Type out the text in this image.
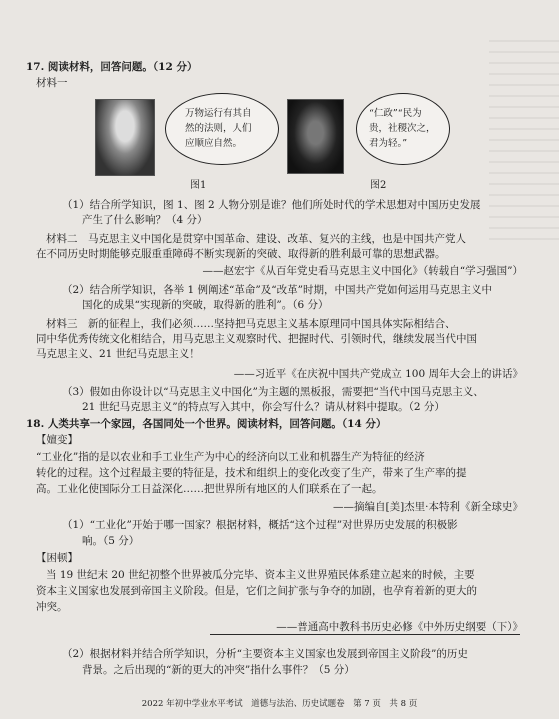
17. 阅读材料，回答问题。（12 分）
材料一
万物运行有其自
然的法则，人们
应顺应自然。
“仁政”“民为
贵，社稷次之，
君为轻。”
图1	图2
（1）结合所学知识，图 1、图 2 人物分别是谁？他们所处时代的学术思想对中国历史发展
产生了什么影响？（4 分）
材料二　马克思主义中国化是贯穿中国革命、建设、改革、复兴的主线，也是中国共产党人
在不同历史时期能够克服重重障碍不断实现新的突破、取得新的胜利最可靠的思想武器。
——赵宏宇《从百年党史看马克思主义中国化》（转载自“学习强国”）
（2）结合所学知识，各举 1 例阐述“革命”及“改革”时期，中国共产党如何运用马克思主义中
国化的成果“实现新的突破，取得新的胜利”。（6 分）
材料三　新的征程上，我们必须……坚持把马克思主义基本原理同中国具体实际相结合、
同中华优秀传统文化相结合，用马克思主义观察时代、把握时代、引领时代，继续发展当代中国
马克思主义、21 世纪马克思主义！
——习近平《在庆祝中国共产党成立 100 周年大会上的讲话》
（3）假如由你设计以“马克思主义中国化”为主题的黑板报，需要把“当代中国马克思主义、
21 世纪马克思主义”的特点写入其中，你会写什么？请从材料中提取。（2 分）
18. 人类共享一个家园，各国同处一个世界。阅读材料，回答问题。（14 分）
【嬗变】
“工业化”指的是以农业和手工业生产为中心的经济向以工业和机器生产为特征的经济
转化的过程。这个过程最主要的特征是，技术和组织上的变化改变了生产，带来了生产率的提
高。工业化使国际分工日益深化……把世界所有地区的人们联系在了一起。
——摘编自[美]杰里·本特利《新全球史》
（1）“工业化”开始于哪一国家？根据材料，概括“这个过程”对世界历史发展的积极影
响。（5 分）
【困顿】
当 19 世纪末 20 世纪初整个世界被瓜分完毕、资本主义世界殖民体系建立起来的时候，主要
资本主义国家也发展到帝国主义阶段。但是，它们之间扩张与争夺的加剧，也孕育着新的更大的
冲突。
——普通高中教科书历史必修《中外历史纲要（下）》
（2）根据材料并结合所学知识，分析“主要资本主义国家也发展到帝国主义阶段”的历史
背景。之后出现的“新的更大的冲突”指什么事件？（5 分）
2022 年初中学业水平考试　道德与法治、历史试题卷　第 7 页　共 8 页
